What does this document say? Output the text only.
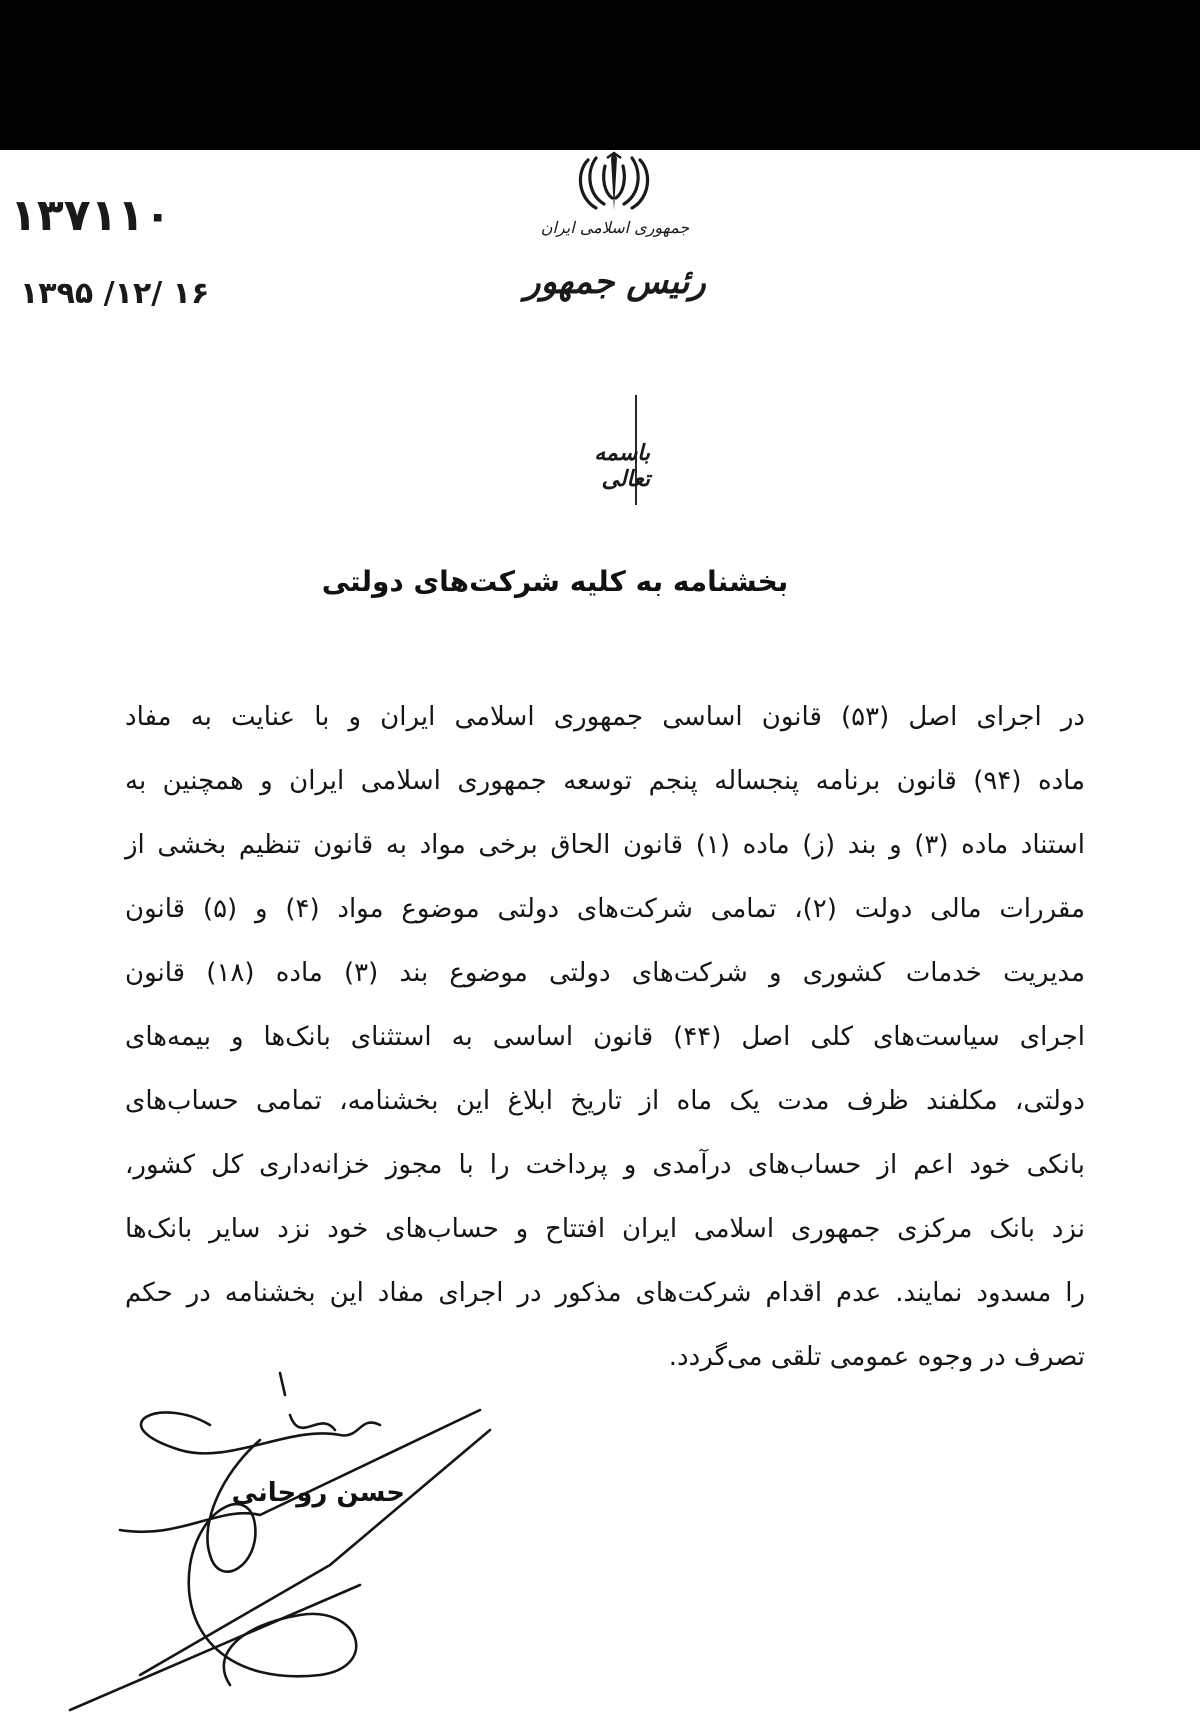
۱۳۷۱۱۰
۱۳۹۵ /۱۲/ ۱۶
جمهوری اسلامی ایران
رئیس جمهور
باسمه تعالی
بخشنامه به کلیه شرکت‌های دولتی
در اجرای اصل (۵۳) قانون اساسی جمهوری اسلامی ایران و با عنایت به مفاد
ماده (۹۴) قانون برنامه پنجساله پنجم توسعه جمهوری اسلامی ایران و همچنین به
استناد ماده (۳) و بند (ز) ماده (۱) قانون الحاق برخی مواد به قانون تنظیم بخشی از
مقررات مالی دولت (۲)، تمامی شرکت‌های دولتی موضوع مواد (۴) و (۵) قانون
مدیریت خدمات کشوری و شرکت‌های دولتی موضوع بند (۳) ماده (۱۸) قانون
اجرای سیاست‌های کلی اصل (۴۴) قانون اساسی به استثنای بانک‌ها و بیمه‌های
دولتی، مکلفند ظرف مدت یک ماه از تاریخ ابلاغ این بخشنامه، تمامی حساب‌های
بانکی خود اعم از حساب‌های درآمدی و پرداخت را با مجوز خزانه‌داری کل کشور،
نزد بانک مرکزی جمهوری اسلامی ایران افتتاح و حساب‌های خود نزد سایر بانک‌ها
را مسدود نمایند. عدم اقدام شرکت‌های مذکور در اجرای مفاد این بخشنامه در حکم
تصرف در وجوه عمومی تلقی می‌گردد.
حسن روحانی
